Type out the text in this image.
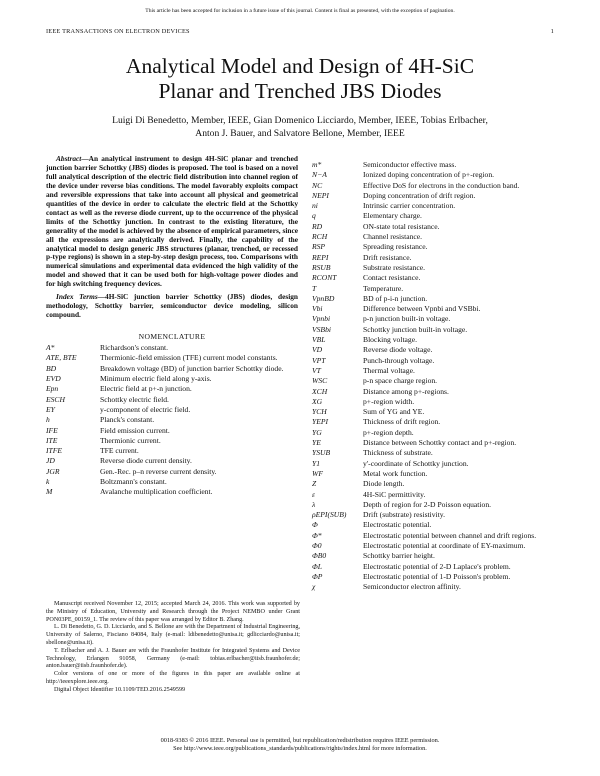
This article has been accepted for inclusion in a future issue of this journal. Content is final as presented, with the exception of pagination.
IEEE TRANSACTIONS ON ELECTRON DEVICES	1
Analytical Model and Design of 4H-SiC
Planar and Trenched JBS Diodes
Luigi Di Benedetto, Member, IEEE, Gian Domenico Licciardo, Member, IEEE, Tobias Erlbacher,
Anton J. Bauer, and Salvatore Bellone, Member, IEEE

Abstract—An analytical instrument to design 4H-SiC planar and trenched junction barrier Schottky (JBS) diodes is proposed. The tool is based on a novel full analytical description of the electric field distribution into channel region of the device under reverse bias conditions. The model favorably exploits compact and reversible expressions that take into account all physical and geometrical quantities of the device in order to calculate the electric field at the Schottky contact as well as the reverse diode current, up to the occurrence of the physical limits of the Schottky junction. In contrast to the existing literature, the generality of the model is achieved by the absence of empirical parameters, since all the expressions are analytically derived. Finally, the capability of the analytical model to design generic JBS structures (planar, trenched, or recessed p-type regions) is shown in a step-by-step design process, too. Comparisons with numerical simulations and experimental data evidenced the high validity of the model and showed that it can be used both for high-voltage power diodes and for high switching frequency devices.

Index Terms—4H-SiC junction barrier Schottky (JBS) diodes, design methodology, Schottky barrier, semiconductor device modeling, silicon compound.

NOMENCLATURE
A*	Richardson's constant.
ATE, BTE	Thermionic-field emission (TFE) current model constants.
BD	Breakdown voltage (BD) of junction barrier Schottky diode.
EVD	Minimum electric field along y-axis.
Epn	Electric field at p+-n junction.
ESCH	Schottky electric field.
EY	y-component of electric field.
h	Planck's constant.
IFE	Field emission current.
ITE	Thermionic current.
ITFE	TFE current.
JD	Reverse diode current density.
JGR	Gen.-Rec. p–n reverse current density.
k	Boltzmann's constant.
M	Avalanche multiplication coefficient.

Manuscript received November 12, 2015; accepted March 24, 2016. This work was supported by the Ministry of Education, University and Research through the Project NEMBO under Grant PON03PE_00159_1. The review of this paper was arranged by Editor B. Zhang.

L. Di Benedetto, G. D. Licciardo, and S. Bellone are with the Department of Industrial Engineering, University of Salerno, Fisciano 84084, Italy (e-mail: ldibenedetto@unisa.it; gdlicciardo@unisa.it; sbellone@unisa.it).

T. Erlbacher and A. J. Bauer are with the Fraunhofer Institute for Integrated Systems and Device Technology, Erlangen 91058, Germany (e-mail: tobias.erlbacher@iisb.fraunhofer.de; anton.bauer@iisb.fraunhofer.de).

Color versions of one or more of the figures in this paper are available online at http://ieeexplore.ieee.org.

Digital Object Identifier 10.1109/TED.2016.2549599

m*	Semiconductor effective mass.
N−A	Ionized doping concentration of p+-region.
NC	Effective DoS for electrons in the conduction band.
NEPI	Doping concentration of drift region.
ni	Intrinsic carrier concentration.
q	Elementary charge.
RD	ON-state total resistance.
RCH	Channel resistance.
RSP	Spreading resistance.
REPI	Drift resistance.
RSUB	Substrate resistance.
RCONT	Contact resistance.
T	Temperature.
VpnBD	BD of p-i-n junction.
Vbi	Difference between Vpnbi and VSBbi.
Vpnbi	p-n junction built-in voltage.
VSBbi	Schottky junction built-in voltage.
VBL	Blocking voltage.
VD	Reverse diode voltage.
VPT	Punch-through voltage.
VT	Thermal voltage.
WSC	p-n space charge region.
XCH	Distance among p+-regions.
XG	p+-region width.
YCH	Sum of YG and YE.
YEPI	Thickness of drift region.
YG	p+-region depth.
YE	Distance between Schottky contact and p+-region.
YSUB	Thickness of substrate.
Y1	y'-coordinate of Schottky junction.
WF	Metal work function.
Z	Diode length.
ε	4H-SiC permittivity.
λ	Depth of region for 2-D Poisson equation.
ρEPI(SUB)	Drift (substrate) resistivity.
Φ	Electrostatic potential.
Φ*	Electrostatic potential between channel and drift regions.
Φ0	Electrostatic potential at coordinate of EY-maximum.
ΦB0	Schottky barrier height.
ΦL	Electrostatic potential of 2-D Laplace's problem.
ΦP	Electrostatic potential of 1-D Poisson's problem.
χ	Semiconductor electron affinity.
0018-9383 © 2016 IEEE. Personal use is permitted, but republication/redistribution requires IEEE permission.
See http://www.ieee.org/publications_standards/publications/rights/index.html for more information.
